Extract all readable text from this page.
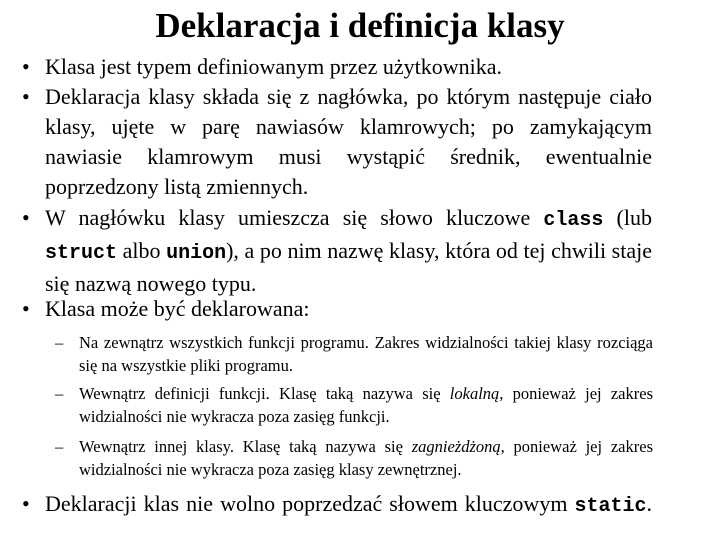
Deklaracja i definicja klasy
• Klasa jest typem definiowanym przez użytkownika.
• Deklaracja klasy składa się z nagłówka, po którym następuje ciało klasy, ujęte w parę nawiasów klamrowych; po zamykającym nawiasie klamrowym musi wystąpić średnik, ewentualnie poprzedzony listą zmiennych.
• W nagłówku klasy umieszcza się słowo kluczowe class (lub struct albo union), a po nim nazwę klasy, która od tej chwili staje się nazwą nowego typu.
• Klasa może być deklarowana:
– Na zewnątrz wszystkich funkcji programu. Zakres widzialności takiej klasy rozciąga się na wszystkie pliki programu.
– Wewnątrz definicji funkcji. Klasę taką nazywa się lokalną, ponieważ jej zakres widzialności nie wykracza poza zasięg funkcji.
– Wewnątrz innej klasy. Klasę taką nazywa się zagnieżdżoną, ponieważ jej zakres widzialności nie wykracza poza zasięg klasy zewnętrznej.
• Deklaracji klas nie wolno poprzedzać słowem kluczowym static.
